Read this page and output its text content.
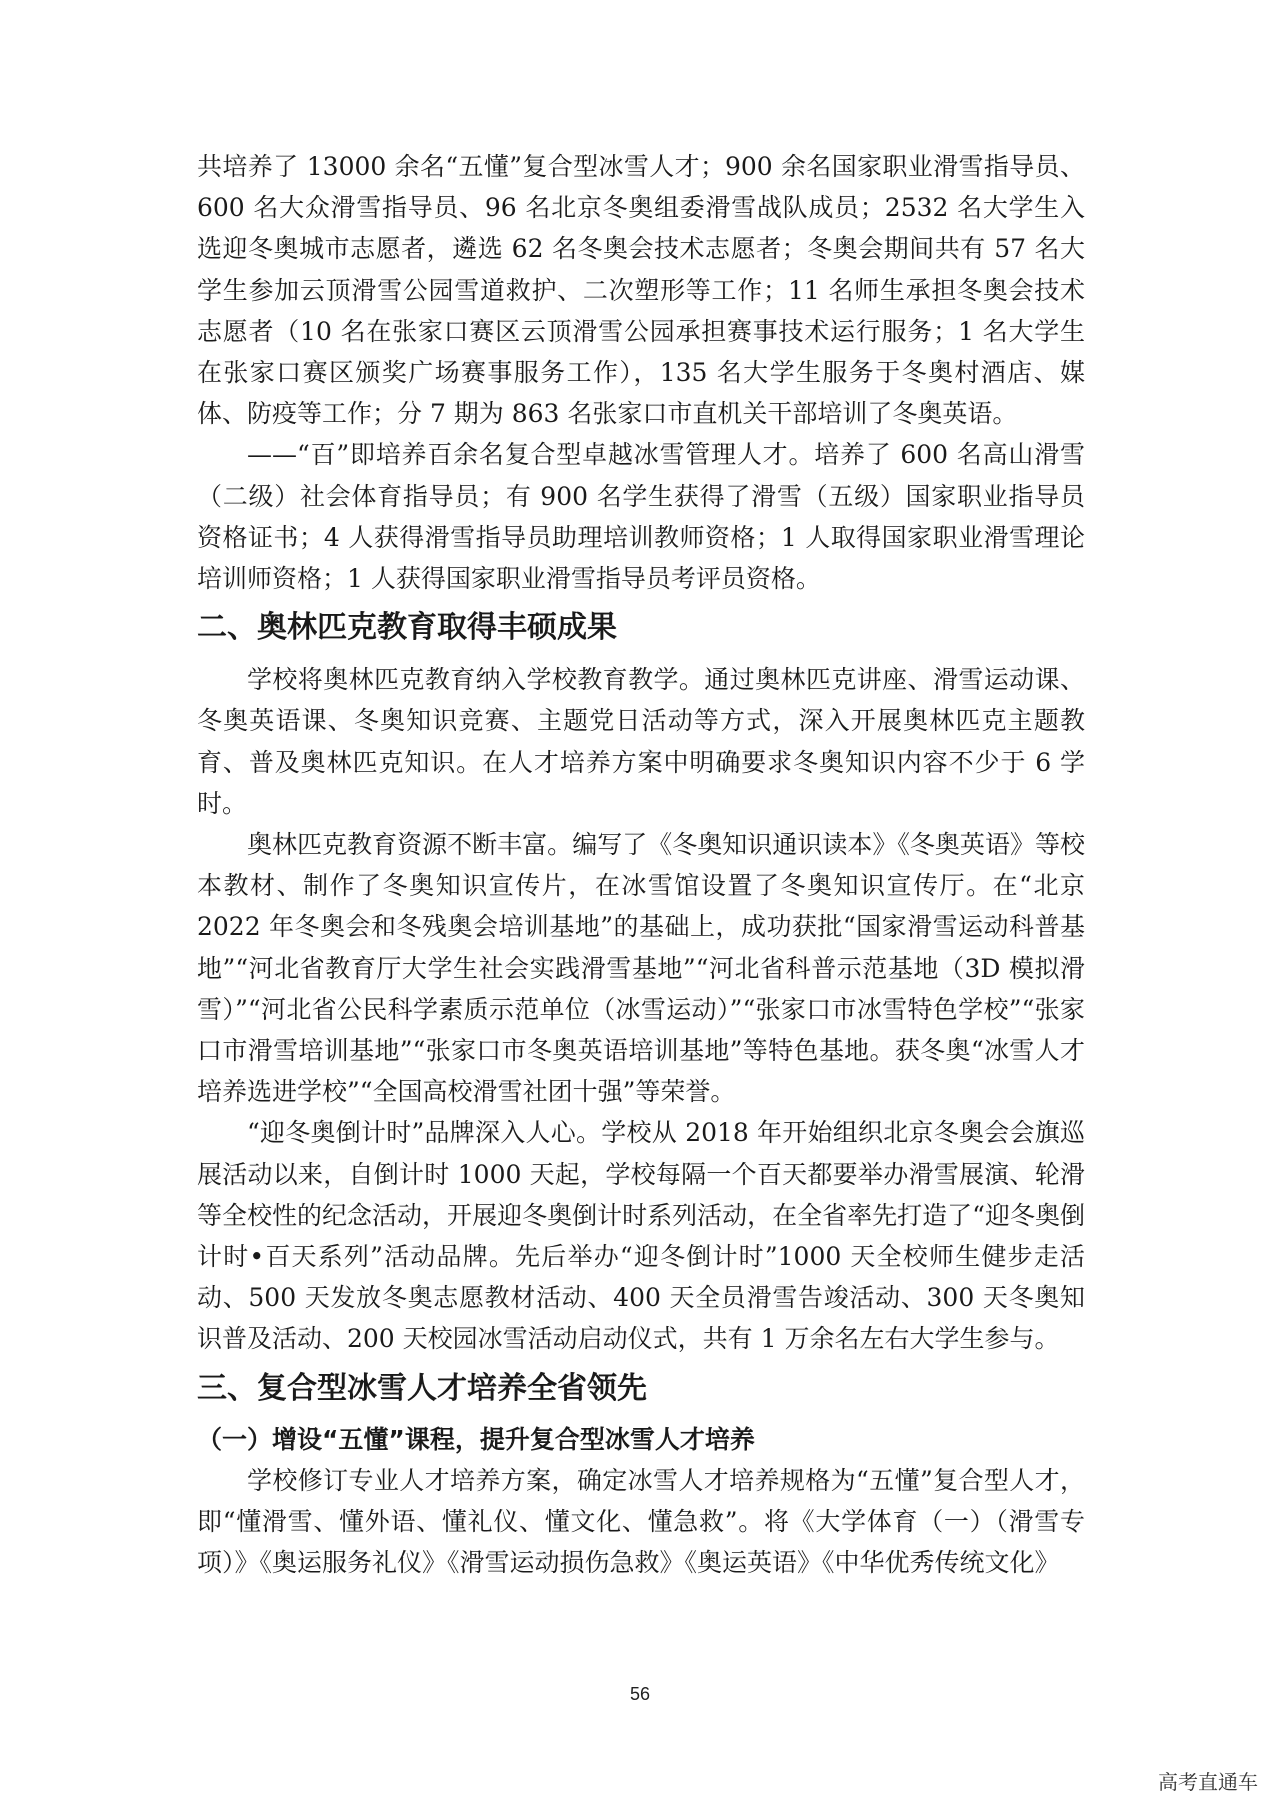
共培养了 13000 余名“五懂”复合型冰雪人才；900 余名国家职业滑雪指导员、600 名大众滑雪指导员、96 名北京冬奥组委滑雪战队成员；2532 名大学生入选迎冬奥城市志愿者，遴选 62 名冬奥会技术志愿者；冬奥会期间共有 57 名大学生参加云顶滑雪公园雪道救护、二次塑形等工作；11 名师生承担冬奥会技术志愿者（10 名在张家口赛区云顶滑雪公园承担赛事技术运行服务；1 名大学生在张家口赛区颁奖广场赛事服务工作），135 名大学生服务于冬奥村酒店、媒体、防疫等工作；分 7 期为 863 名张家口市直机关干部培训了冬奥英语。

——“百”即培养百余名复合型卓越冰雪管理人才。培养了 600 名高山滑雪（二级）社会体育指导员；有 900 名学生获得了滑雪（五级）国家职业指导员资格证书；4 人获得滑雪指导员助理培训教师资格；1 人取得国家职业滑雪理论培训师资格；1 人获得国家职业滑雪指导员考评员资格。

二、奥林匹克教育取得丰硕成果

学校将奥林匹克教育纳入学校教育教学。通过奥林匹克讲座、滑雪运动课、冬奥英语课、冬奥知识竞赛、主题党日活动等方式，深入开展奥林匹克主题教育、普及奥林匹克知识。在人才培养方案中明确要求冬奥知识内容不少于 6 学时。

奥林匹克教育资源不断丰富。编写了《冬奥知识通识读本》《冬奥英语》等校本教材、制作了冬奥知识宣传片，在冰雪馆设置了冬奥知识宣传厅。在“北京 2022 年冬奥会和冬残奥会培训基地”的基础上，成功获批“国家滑雪运动科普基地”“河北省教育厅大学生社会实践滑雪基地”“河北省科普示范基地（3D 模拟滑雪）”“河北省公民科学素质示范单位（冰雪运动）”“张家口市冰雪特色学校”“张家口市滑雪培训基地”“张家口市冬奥英语培训基地”等特色基地。获冬奥“冰雪人才培养选进学校”“全国高校滑雪社团十强”等荣誉。

“迎冬奥倒计时”品牌深入人心。学校从 2018 年开始组织北京冬奥会会旗巡展活动以来，自倒计时 1000 天起，学校每隔一个百天都要举办滑雪展演、轮滑等全校性的纪念活动，开展迎冬奥倒计时系列活动，在全省率先打造了“迎冬奥倒计时•百天系列”活动品牌。先后举办“迎冬倒计时”1000 天全校师生健步走活动、500 天发放冬奥志愿教材活动、400 天全员滑雪告竣活动、300 天冬奥知识普及活动、200 天校园冰雪活动启动仪式，共有 1 万余名左右大学生参与。

三、复合型冰雪人才培养全省领先
（一）增设“五懂”课程，提升复合型冰雪人才培养

学校修订专业人才培养方案，确定冰雪人才培养规格为“五懂”复合型人才，即“懂滑雪、懂外语、懂礼仪、懂文化、懂急救”。将《大学体育（一）（滑雪专项）》《奥运服务礼仪》《滑雪运动损伤急救》《奥运英语》《中华优秀传统文化》

56
高考直通车
